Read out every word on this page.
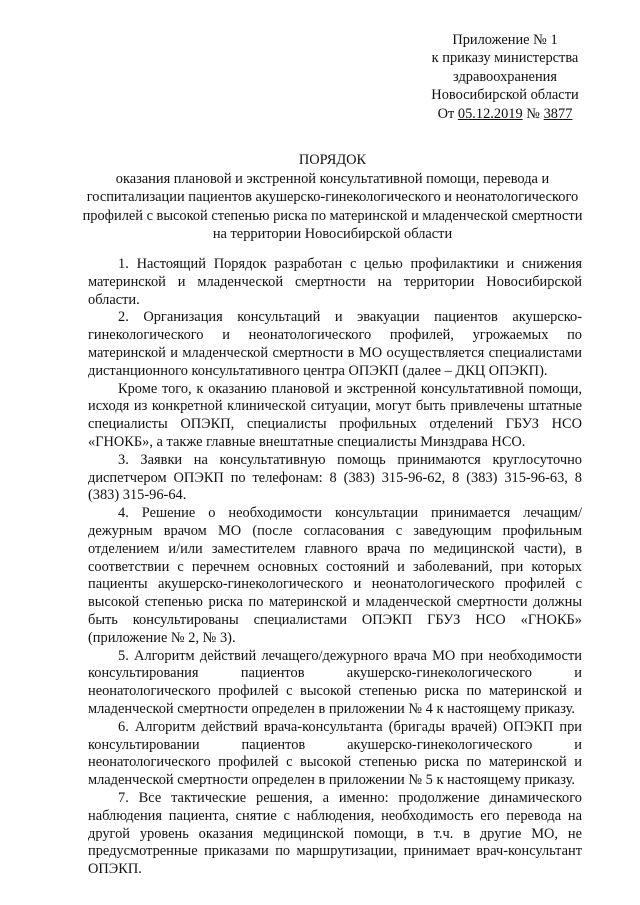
Приложение № 1
к приказу министерства
здравоохранения
Новосибирской области
От 05.12.2019 № 3877
ПОРЯДОК
оказания плановой и экстренной консультативной помощи, перевода и
госпитализации пациентов акушерско-гинекологического и неонатологического
профилей с высокой степенью риска по материнской и младенческой смертности
на территории Новосибирской области

1. Настоящий Порядок разработан с целью профилактики и снижения материнской и младенческой смертности на территории Новосибирской области.

2. Организация консультаций и эвакуации пациентов акушерско-гинекологического и неонатологического профилей, угрожаемых по материнской и младенческой смертности в МО осуществляется специалистами дистанционного консультативного центра ОПЭКП (далее – ДКЦ ОПЭКП).

Кроме того, к оказанию плановой и экстренной консультативной помощи, исходя из конкретной клинической ситуации, могут быть привлечены штатные специалисты ОПЭКП, специалисты профильных отделений ГБУЗ НСО «ГНОКБ», а также главные внештатные специалисты Минздрава НСО.

3. Заявки на консультативную помощь принимаются круглосуточно диспетчером ОПЭКП по телефонам: 8 (383) 315-96-62, 8 (383) 315-96-63, 8 (383) 315-96-64.

4. Решение о необходимости консультации принимается лечащим/дежурным врачом МО (после согласования с заведующим профильным отделением и/или заместителем главного врача по медицинской части), в соответствии с перечнем основных состояний и заболеваний, при которых пациенты акушерско-гинекологического и неонатологического профилей с высокой степенью риска по материнской и младенческой смертности должны быть консультированы специалистами ОПЭКП ГБУЗ НСО «ГНОКБ» (приложение № 2, № 3).

5. Алгоритм действий лечащего/дежурного врача МО при необходимости консультирования пациентов акушерско-гинекологического и неонатологического профилей с высокой степенью риска по материнской и младенческой смертности определен в приложении № 4 к настоящему приказу.

6. Алгоритм действий врача-консультанта (бригады врачей) ОПЭКП при консультировании пациентов акушерско-гинекологического и неонатологического профилей с высокой степенью риска по материнской и младенческой смертности определен в приложении № 5 к настоящему приказу.

7. Все тактические решения, а именно: продолжение динамического наблюдения пациента, снятие с наблюдения, необходимость его перевода на другой уровень оказания медицинской помощи, в т.ч. в другие МО, не предусмотренные приказами по маршрутизации, принимает врач-консультант ОПЭКП.
